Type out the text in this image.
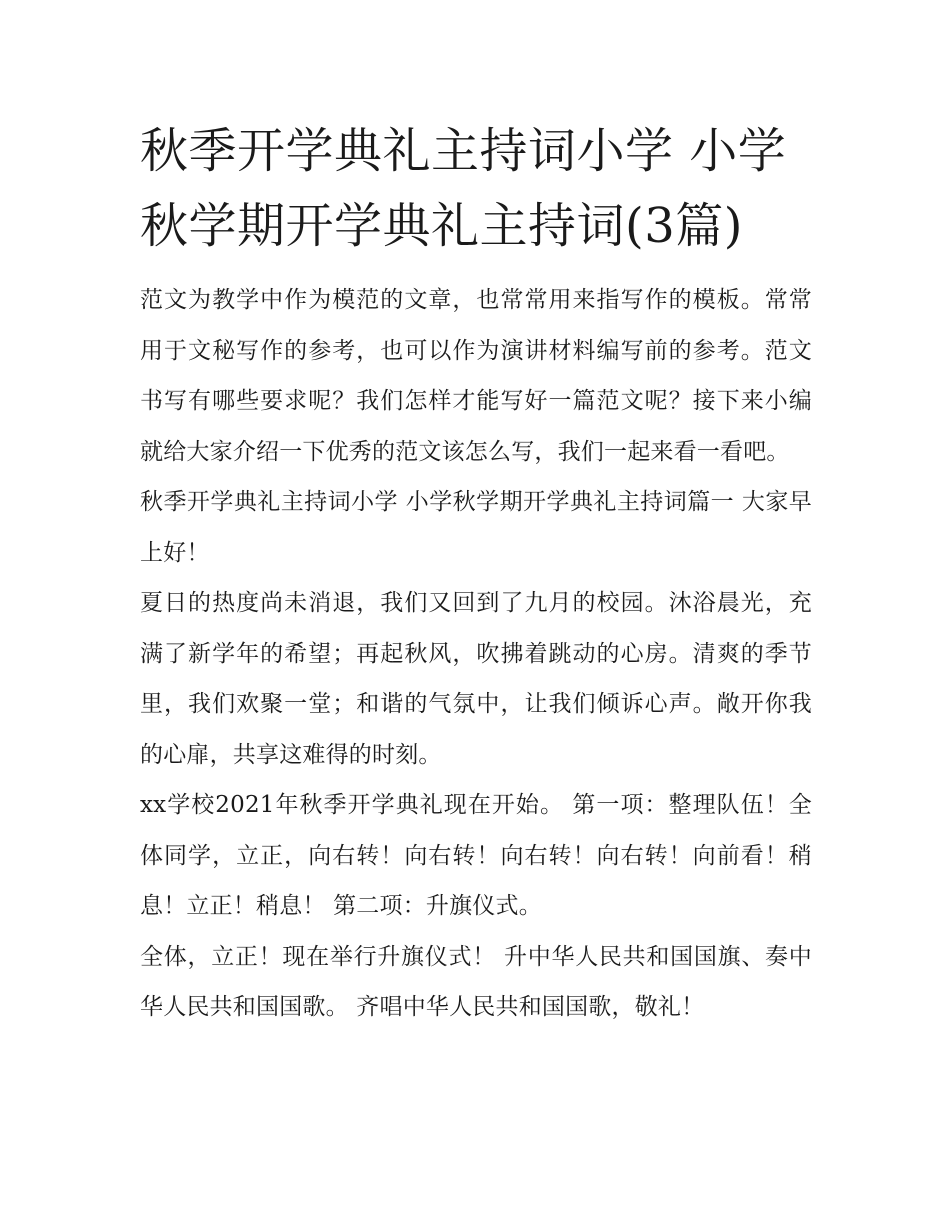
秋季开学典礼主持词小学 小学秋学期开学典礼主持词(3篇)

范文为教学中作为模范的文章，也常常用来指写作的模板。常常用于文秘写作的参考，也可以作为演讲材料编写前的参考。范文书写有哪些要求呢？我们怎样才能写好一篇范文呢？接下来小编就给大家介绍一下优秀的范文该怎么写，我们一起来看一看吧。

秋季开学典礼主持词小学 小学秋学期开学典礼主持词篇一 大家早上好！

夏日的热度尚未消退，我们又回到了九月的校园。沐浴晨光，充满了新学年的希望；再起秋风，吹拂着跳动的心房。清爽的季节里，我们欢聚一堂；和谐的气氛中，让我们倾诉心声。敞开你我的心扉，共享这难得的时刻。

xx学校2021年秋季开学典礼现在开始。 第一项：整理队伍！全体同学，立正，向右转！向右转！向右转！向右转！向前看！稍息！立正！稍息！ 第二项：升旗仪式。

全体，立正！现在举行升旗仪式！ 升中华人民共和国国旗、奏中华人民共和国国歌。 齐唱中华人民共和国国歌，敬礼！
